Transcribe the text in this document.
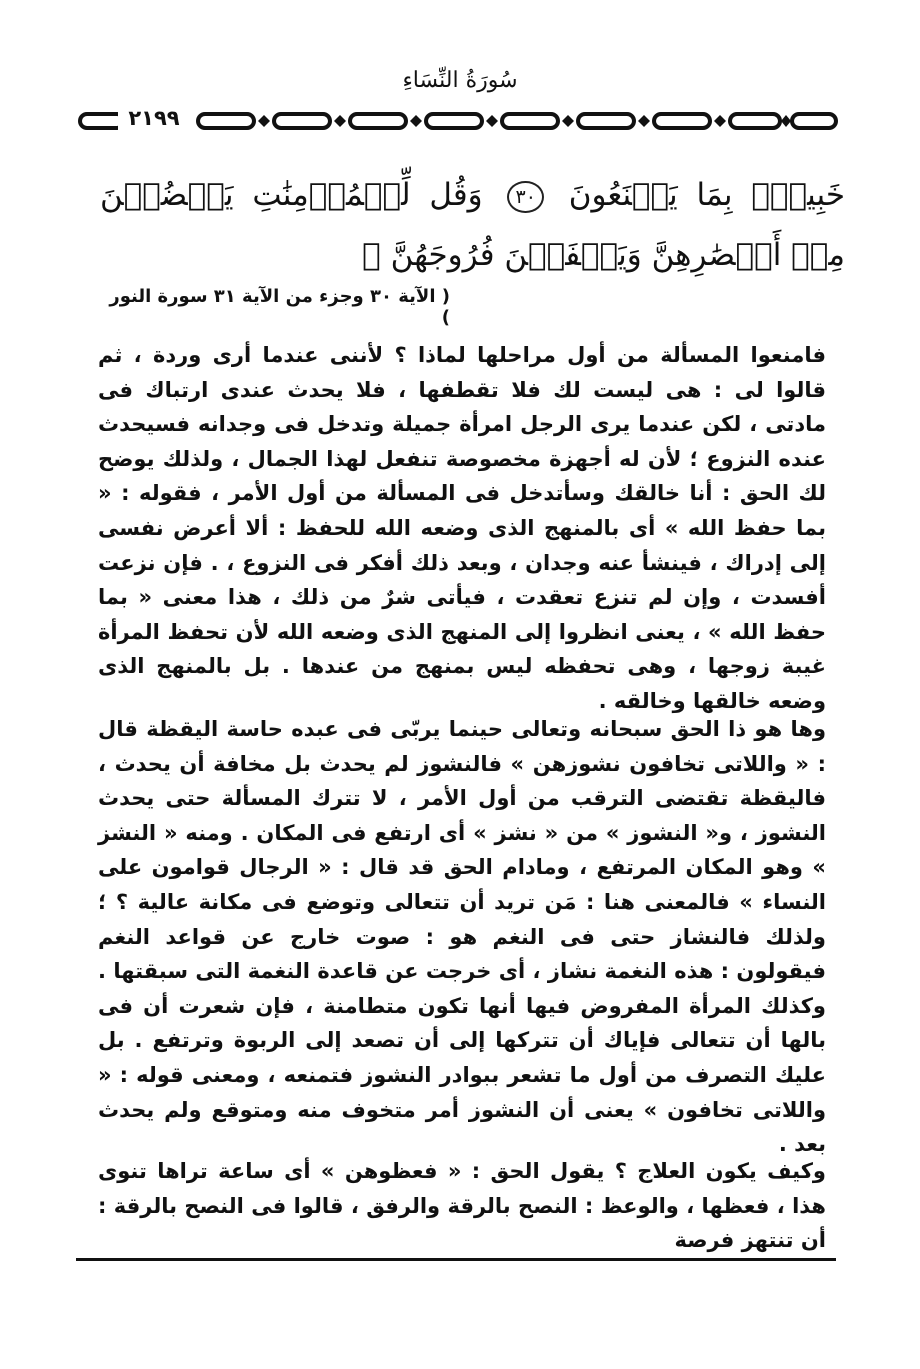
سُورَةُ النِّسَاءِ
٢١٩٩
خَبِيرٌۢ بِمَا يَصۡنَعُونَ ٣٠ وَقُل لِّلۡمُؤۡمِنَٰتِ يَغۡضُضۡنَ مِنۡ أَبۡصَٰرِهِنَّ وَيَحۡفَظۡنَ فُرُوجَهُنَّ ﴾
( الآية ٣٠ وجزء من الآية ٣١ سورة النور )
فامنعوا المسألة من أول مراحلها لماذا ؟ لأننى عندما أرى وردة ، ثم قالوا لى : هى ليست لك فلا تقطفها ، فلا يحدث عندى ارتباك فى مادتى ، لكن عندما يرى الرجل امرأة جميلة وتدخل فى وجدانه فسيحدث عنده النزوع ؛ لأن له أجهزة مخصوصة تنفعل لهذا الجمال ، ولذلك يوضح لك الحق : أنا خالقك وسأتدخل فى المسألة من أول الأمر ، فقوله : « بما حفظ الله » أى بالمنهج الذى وضعه الله للحفظ : ألا أعرض نفسى إلى إدراك ، فينشأ عنه وجدان ، وبعد ذلك أفكر فى النزوع ، . فإن نزعت أفسدت ، وإن لم تنزع تعقدت ، فيأتى شرٌ من ذلك ، هذا معنى « بما حفظ الله » ، يعنى انظروا إلى المنهج الذى وضعه الله لأن تحفظ المرأة غيبة زوجها ، وهى تحفظه ليس بمنهج من عندها . بل بالمنهج الذى وضعه خالقها وخالقه .
وها هو ذا الحق سبحانه وتعالى حينما يربّى فى عبده حاسة اليقظة قال : « واللاتى تخافون نشوزهن » فالنشوز لم يحدث بل مخافة أن يحدث ، فاليقظة تقتضى الترقب من أول الأمر ، لا تترك المسألة حتى يحدث النشوز ، و« النشوز » من « نشز » أى ارتفع فى المكان . ومنه « النشز » وهو المكان المرتفع ، ومادام الحق قد قال : « الرجال قوامون على النساء » فالمعنى هنا : مَن تريد أن تتعالى وتوضع فى مكانة عالية ؟ ؛ ولذلك فالنشاز حتى فى النغم هو : صوت خارج عن قواعد النغم فيقولون : هذه النغمة نشاز ، أى خرجت عن قاعدة النغمة التى سبقتها . وكذلك المرأة المفروض فيها أنها تكون متطامنة ، فإن شعرت أن فى بالها أن تتعالى فإياك أن تتركها إلى أن تصعد إلى الربوة وترتفع . بل عليك التصرف من أول ما تشعر ببوادر النشوز فتمنعه ، ومعنى قوله : « واللاتى تخافون » يعنى أن النشوز أمر متخوف منه ومتوقع ولم يحدث بعد .
وكيف يكون العلاج ؟ يقول الحق : « فعظوهن » أى ساعة تراها تنوى هذا ، فعظها ، والوعظ : النصح بالرقة والرفق ، قالوا فى النصح بالرقة : أن تنتهز فرصة
